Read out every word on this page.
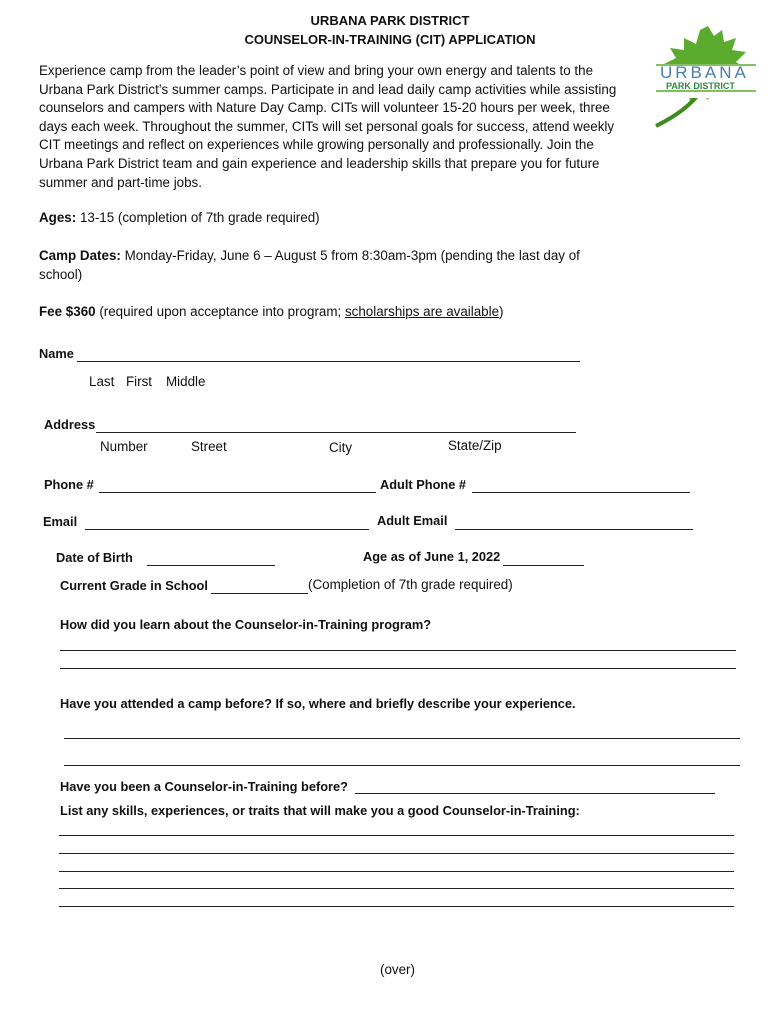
URBANA PARK DISTRICT
COUNSELOR-IN-TRAINING (CIT) APPLICATION
URBANA
PARK DISTRICT
Experience camp from the leader’s point of view and bring your own energy and talents to the Urbana Park District’s summer camps. Participate in and lead daily camp activities while assisting counselors and campers with Nature Day Camp. CITs will volunteer 15-20 hours per week, three days each week. Throughout the summer, CITs will set personal goals for success, attend weekly CIT meetings and reflect on experiences while growing personally and professionally. Join the Urbana Park District team and gain experience and leadership skills that prepare you for future summer and part-time jobs.
Ages: 13-15 (completion of 7th grade required)
Camp Dates: Monday-Friday, June 6 – August 5 from 8:30am-3pm (pending the last day of
school)
Fee $360 (required upon acceptance into program; scholarships are available)
Name
Last First Middle
Address
Number	Street	City	State/Zip
Phone #	Adult Phone #
Email	Adult Email
Date of Birth	Age as of June 1, 2022
Current Grade in School	(Completion of 7th grade required)
How did you learn about the Counselor-in-Training program?
Have you attended a camp before? If so, where and briefly describe your experience.
Have you been a Counselor-in-Training before?
List any skills, experiences, or traits that will make you a good Counselor-in-Training:
(over)
